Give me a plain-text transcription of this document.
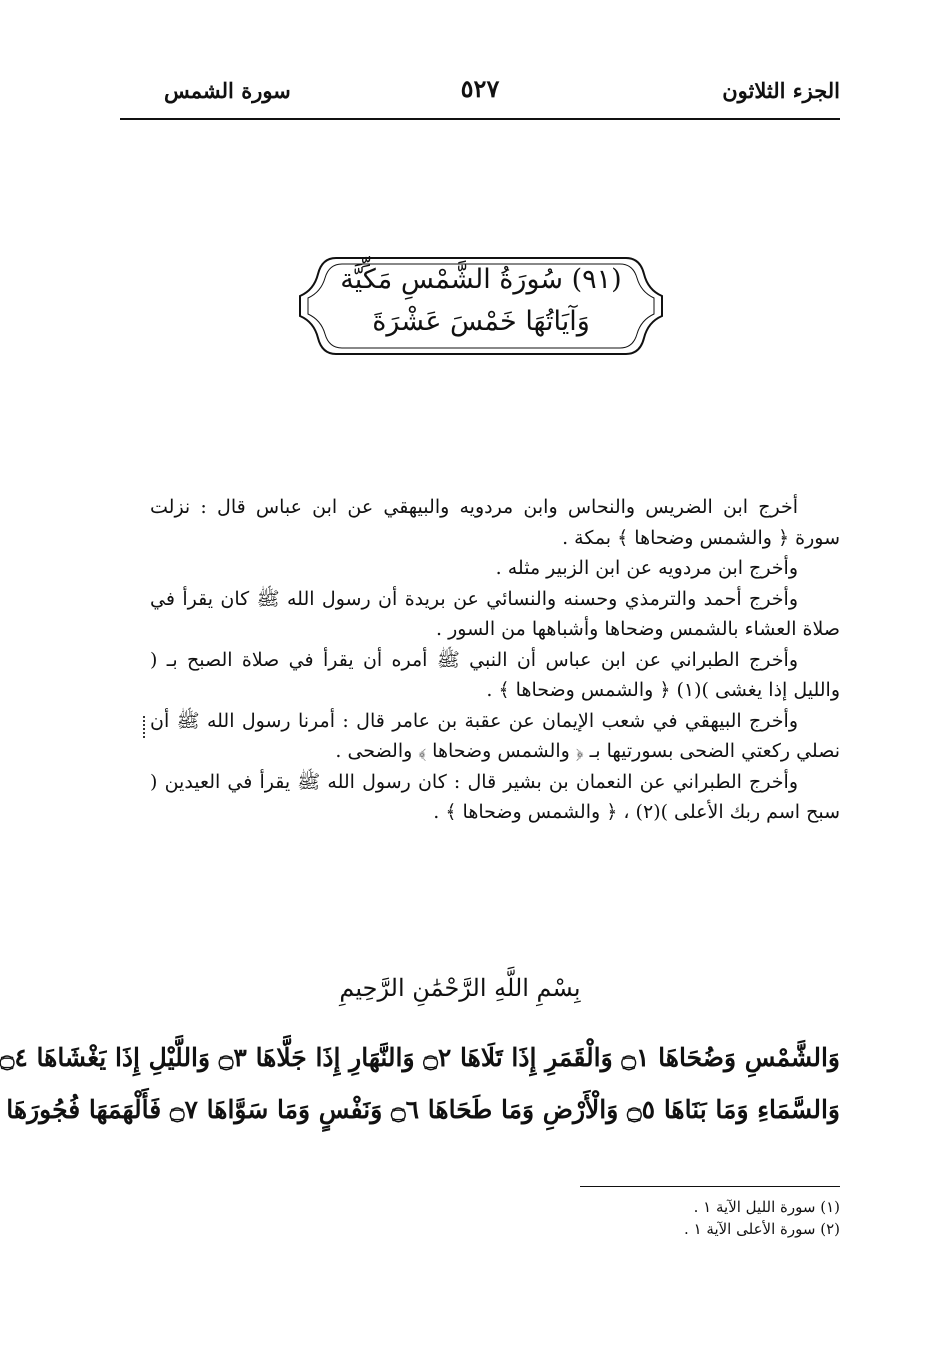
الجزء الثلاثون
٥٢٧
سورة الشمس
(٩١) سُورَةُ الشَّمْسِ مَكِّيَّة
وَآيَاتُهَا خَمْسَ عَشْرَةَ

أخرج ابن الضريس والنحاس وابن مردويه والبيهقي عن ابن عباس قال : نزلت سورة ﴿ والشمس وضحاها ﴾ بمكة .

وأخرج ابن مردويه عن ابن الزبير مثله .

وأخرج أحمد والترمذي وحسنه والنسائي عن بريدة أن رسول الله ﷺ كان يقرأ في صلاة العشاء بالشمس وضحاها وأشباهها من السور .

وأخرج الطبراني عن ابن عباس أن النبي ﷺ أمره أن يقرأ في صلاة الصبح بـ ( والليل إذا يغشى )(١) ﴿ والشمس وضحاها ﴾ .

وأخرج البيهقي في شعب الإيمان عن عقبة بن عامر قال : أمرنا رسول الله ﷺ أن نصلي ركعتي الضحى بسورتيها بـ ﴿ والشمس وضحاها ﴾ والضحى .

وأخرج الطبراني عن النعمان بن بشير قال : كان رسول الله ﷺ يقرأ في العيدين ( سبح اسم ربك الأعلى )(٢) ، ﴿ والشمس وضحاها ﴾ .

بِسْمِ اللَّهِ الرَّحْمَٰنِ الرَّحِيمِ
وَالشَّمْسِ وَضُحَاهَا ۝١ وَالْقَمَرِ إِذَا تَلَاهَا ۝٢ وَالنَّهَارِ إِذَا جَلَّاهَا ۝٣ وَاللَّيْلِ إِذَا يَغْشَاهَا ۝٤
وَالسَّمَاءِ وَمَا بَنَاهَا ۝٥ وَالْأَرْضِ وَمَا طَحَاهَا ۝٦ وَنَفْسٍ وَمَا سَوَّاهَا ۝٧ فَأَلْهَمَهَا فُجُورَهَا

(١) سورة الليل الآية ١ .

(٢) سورة الأعلى الآية ١ .
